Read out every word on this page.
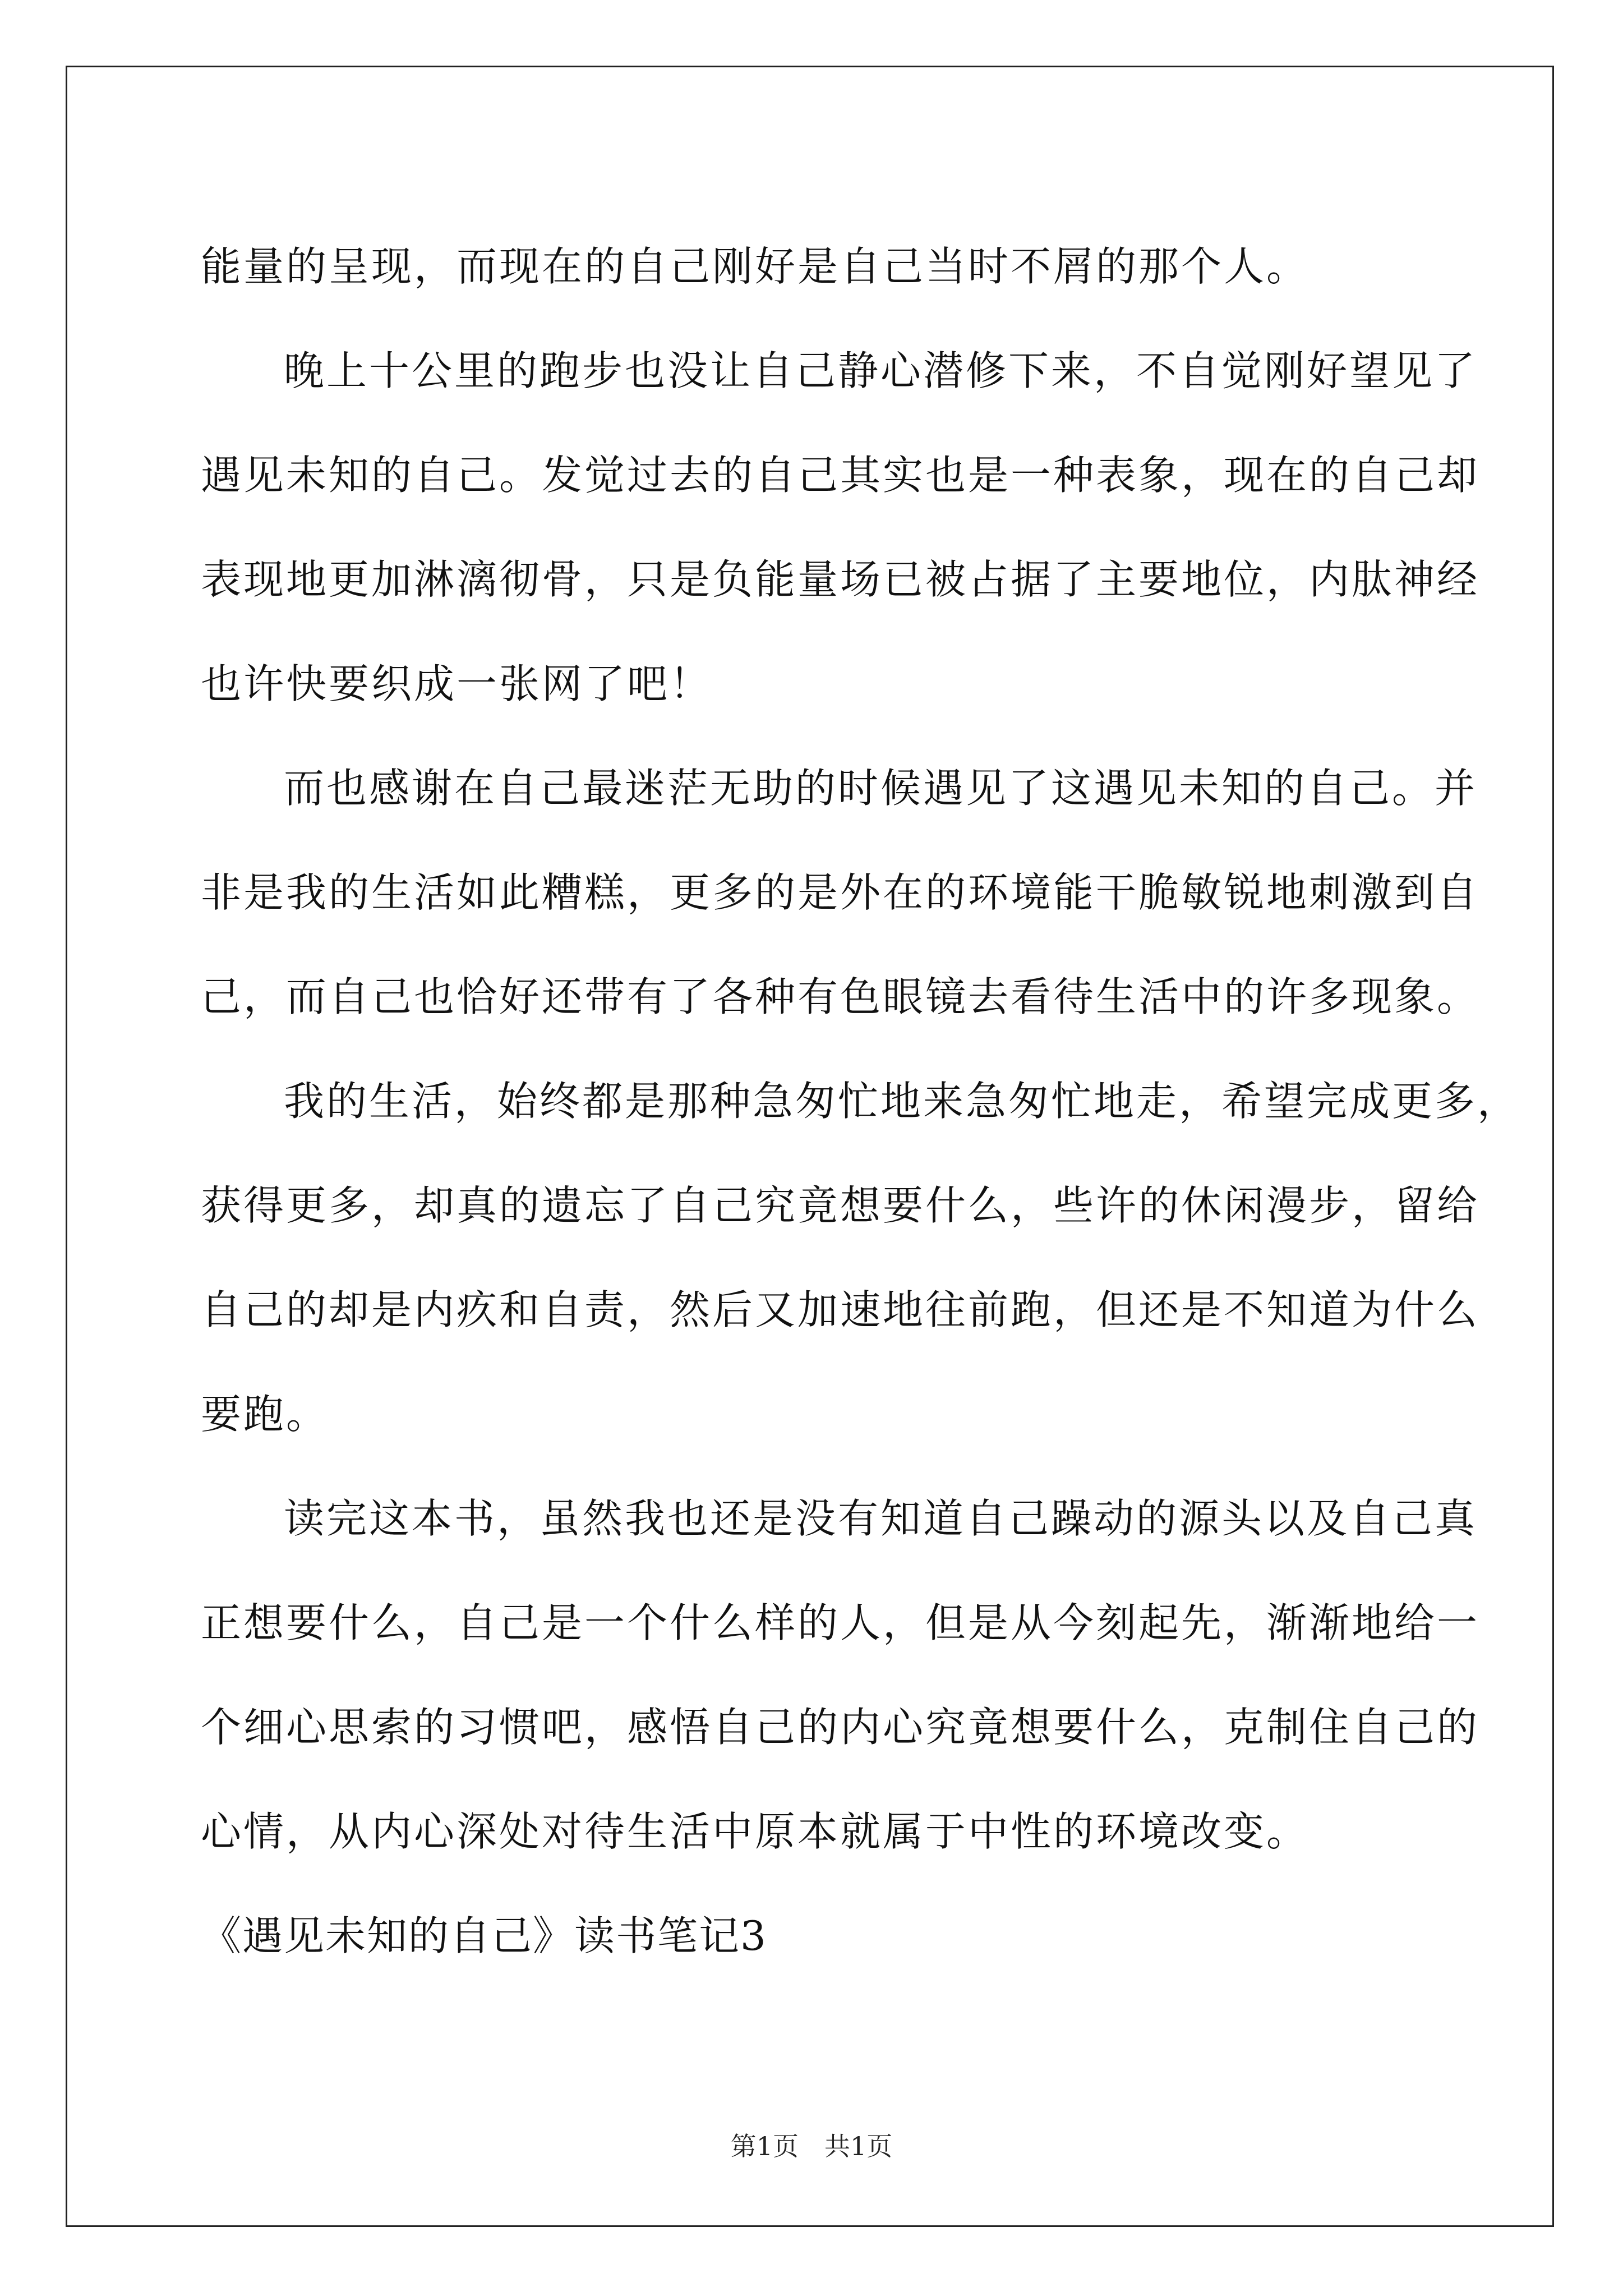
能量的呈现，而现在的自己刚好是自己当时不屑的那个人。
晚上十公里的跑步也没让自己静心潜修下来，不自觉刚好望见了
遇见未知的自己。发觉过去的自己其实也是一种表象，现在的自己却
表现地更加淋漓彻骨，只是负能量场已被占据了主要地位，内肽神经
也许快要织成一张网了吧！
而也感谢在自己最迷茫无助的时候遇见了这遇见未知的自己。并
非是我的生活如此糟糕，更多的是外在的环境能干脆敏锐地刺激到自
己，而自己也恰好还带有了各种有色眼镜去看待生活中的许多现象。
我的生活，始终都是那种急匆忙地来急匆忙地走，希望完成更多，
获得更多，却真的遗忘了自己究竟想要什么，些许的休闲漫步，留给
自己的却是内疚和自责，然后又加速地往前跑，但还是不知道为什么
要跑。
读完这本书，虽然我也还是没有知道自己躁动的源头以及自己真
正想要什么，自己是一个什么样的人，但是从今刻起先，渐渐地给一
个细心思索的习惯吧，感悟自己的内心究竟想要什么，克制住自己的
心情，从内心深处对待生活中原本就属于中性的环境改变。
《遇见未知的自己》读书笔记3
第1页　共1页
